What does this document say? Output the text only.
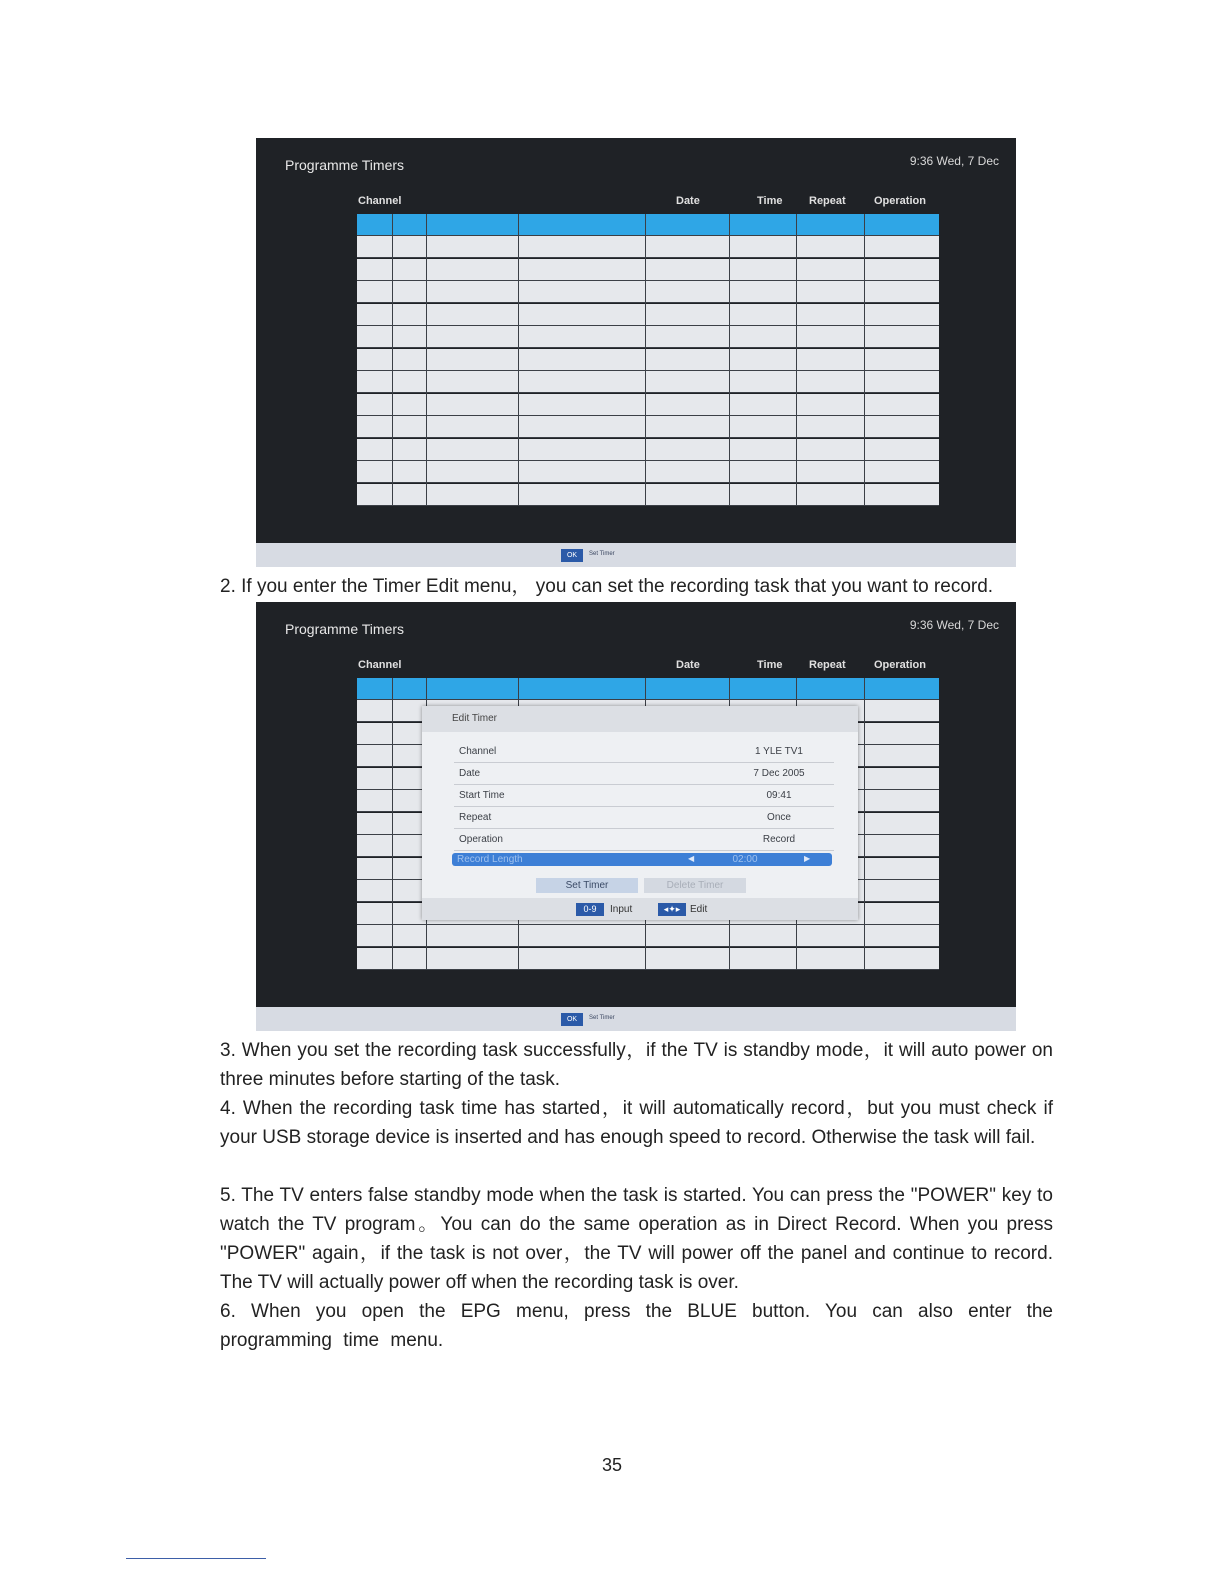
Programme Timers	9:36 Wed, 7 Dec
Channel	Date	Time Repeat	Operation
OK	Set Timer
2. If you enter the Timer Edit menu， you can set the recording task that you want to record.
Programme Timers	9:36 Wed, 7 Dec
Channel	Date	Time Repeat	Operation
Edit Timer
Channel	1 YLE TV1
Date	7 Dec 2005
Start Time	09:41
Repeat	Once
Operation	Record
Record Length	◀	02:00	▶
Set Timer	Delete Timer
0-9	Input	◂✦▸ Edit
OK	Set Timer
3. When you set the recording task successfully，if the TV is standby mode，it will auto power on three minutes before starting of the task.
4. When the recording task time has started，it will automatically record，but you must check if your USB storage device is inserted and has enough speed to record. Otherwise the task will fail.
5. The TV enters false standby mode when the task is started. You can press the "POWER" key to watch the TV program。You can do the same operation as in Direct Record. When you press "POWER" again，if the task is not over，the TV will power off the panel and continue to record. The TV will actually power off when the recording task is over.
6. When you open the EPG menu, press the BLUE button. You can also enter the programming time menu.
35
